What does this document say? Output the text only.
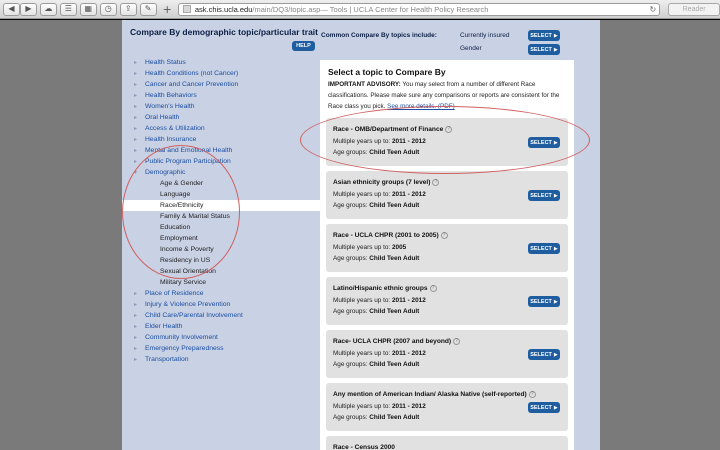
◀	▶	☁	☰	▦	◷	⇪	✎	+	ask.chis.ucla.edu /main/DQ3/topic.asp — Tools | UCLA Center for Health Policy Research	↻	Reader
Compare By demographic topic/particular trait
HELP
Common Compare By topics include:	Currently insured	SELECT ▶
Gender	SELECT ▶
▸ Health Status
▸ Health Conditions (not Cancer)
▸ Cancer and Cancer Prevention
▸ Health Behaviors
▸ Women's Health
▸ Oral Health
▸ Access & Utilization
▸ Health Insurance
▸ Mental and Emotional Health
▸ Public Program Participation
▾ Demographic
Age & Gender
Language
Race/Ethnicity
Family & Marital Status
Education
Employment
Income & Poverty
Residency in US
Sexual Orientation
Military Service
▸ Place of Residence
▸ Injury & Violence Prevention
▸ Child Care/Parental Involvement
▸ Elder Health
▸ Community Involvement
▸ Emergency Preparedness
▸ Transportation
Select a topic to Compare By
IMPORTANT ADVISORY: You may select from a number of different Race classifications. Please make sure any comparisons or reports are consistent for the Race class you pick. See more details. (PDF)
Race - OMB/Department of Finance ?
Multiple years up to: 2011 - 2012
Age groups: Child Teen Adult
SELECT ▶
Asian ethnicity groups (7 level) ?
Multiple years up to: 2011 - 2012
Age groups: Child Teen Adult
SELECT ▶
Race - UCLA CHPR (2001 to 2005) ?
Multiple years up to: 2005
Age groups: Child Teen Adult
SELECT ▶
Latino/Hispanic ethnic groups ?
Multiple years up to: 2011 - 2012
Age groups: Child Teen Adult
SELECT ▶
Race- UCLA CHPR (2007 and beyond) ?
Multiple years up to: 2011 - 2012
Age groups: Child Teen Adult
SELECT ▶
Any mention of American Indian/ Alaska Native (self-reported) ?
Multiple years up to: 2011 - 2012
Age groups: Child Teen Adult
SELECT ▶
Race - Census 2000
